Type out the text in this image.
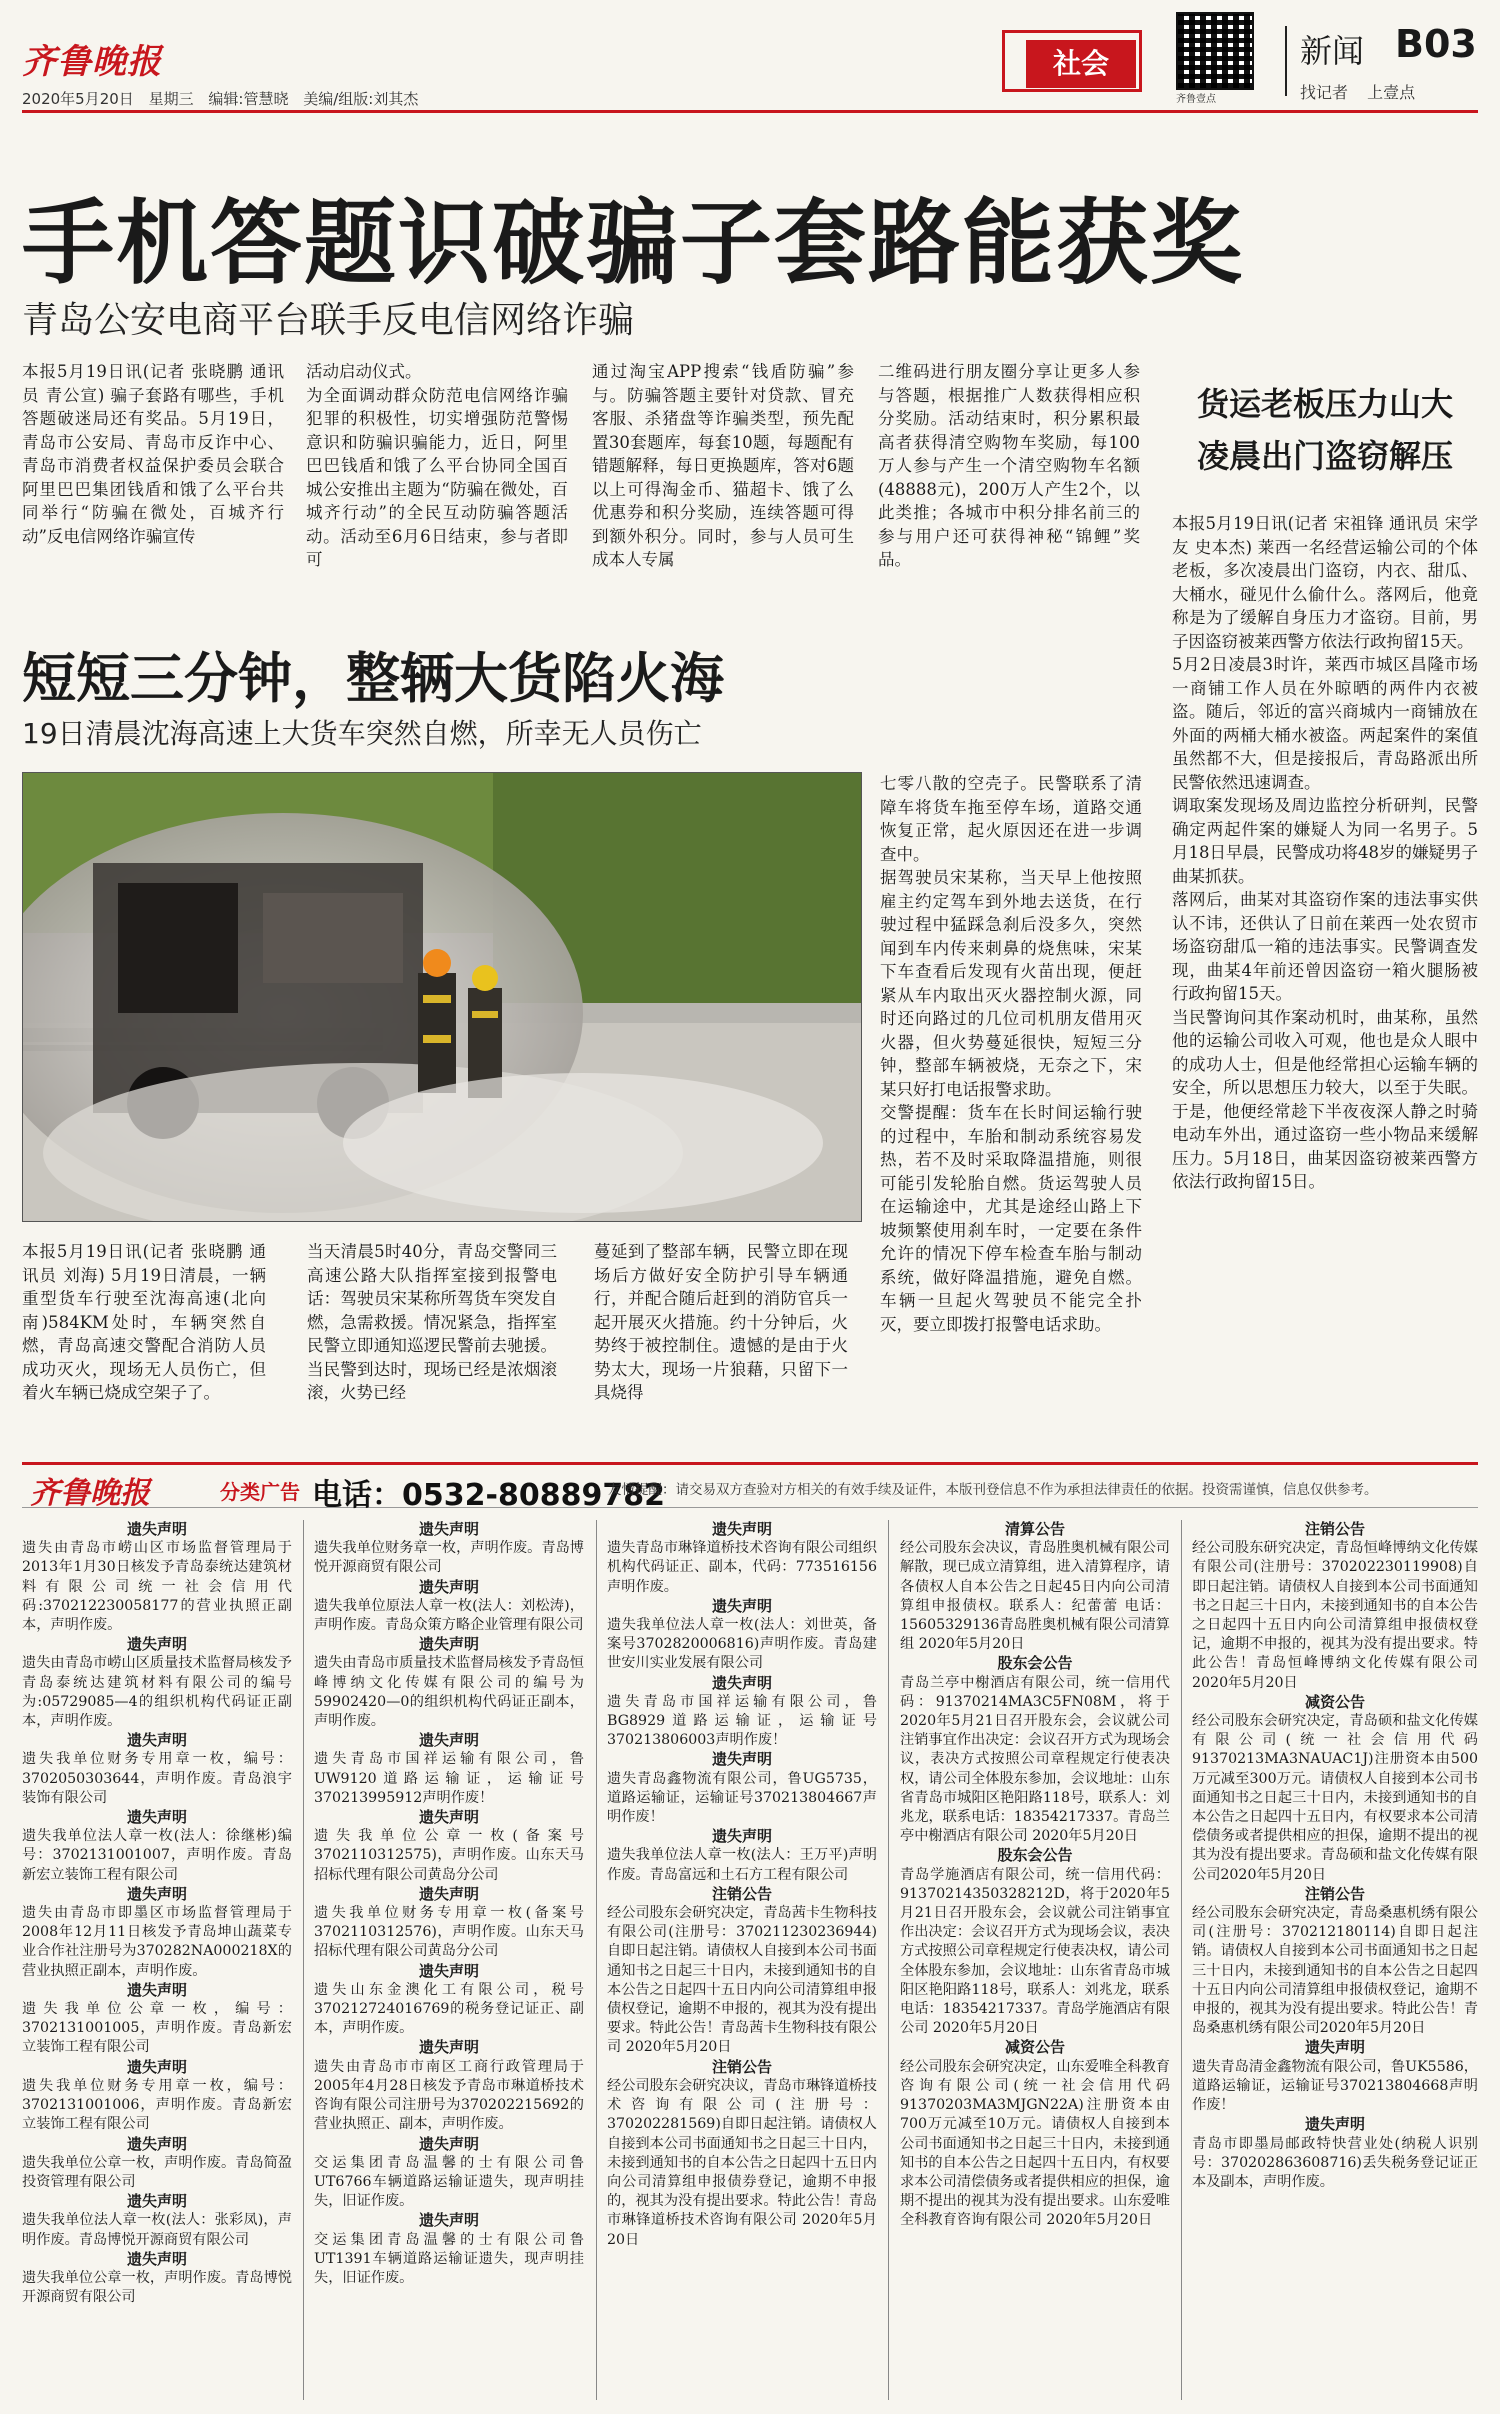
齐鲁晚报
2020年5月20日 星期三 编辑:管慧晓 美编/组版:刘其杰
社会
齐鲁壹点
新闻 B03
找记者 上壹点
手机答题识破骗子套路能获奖
青岛公安电商平台联手反电信网络诈骗
本报5月19日讯(记者 张晓鹏 通讯员 青公宣) 骗子套路有哪些，手机答题破迷局还有奖品。5月19日，青岛市公安局、青岛市反诈中心、青岛市消费者权益保护委员会联合阿里巴巴集团钱盾和饿了么平台共同举行“防骗在微处，百城齐行动”反电信网络诈骗宣传
活动启动仪式。
为全面调动群众防范电信网络诈骗犯罪的积极性，切实增强防范警惕意识和防骗识骗能力，近日，阿里巴巴钱盾和饿了么平台协同全国百城公安推出主题为“防骗在微处，百城齐行动”的全民互动防骗答题活动。活动至6月6日结束，参与者即可
通过淘宝APP搜索“钱盾防骗”参与。防骗答题主要针对贷款、冒充客服、杀猪盘等诈骗类型，预先配置30套题库，每套10题，每题配有错题解释，每日更换题库，答对6题以上可得淘金币、猫超卡、饿了么优惠券和积分奖励，连续答题可得到额外积分。同时，参与人员可生成本人专属
二维码进行朋友圈分享让更多人参与答题，根据推广人数获得相应积分奖励。活动结束时，积分累积最高者获得清空购物车奖励，每100万人参与产生一个清空购物车名额(48888元)，200万人产生2个，以此类推；各城市中积分排名前三的参与用户还可获得神秘“锦鲤”奖品。
短短三分钟，整辆大货陷火海
19日清晨沈海高速上大货车突然自燃，所幸无人员伤亡
本报5月19日讯(记者 张晓鹏 通讯员 刘海) 5月19日清晨，一辆重型货车行驶至沈海高速(北向南)584KM处时，车辆突然自燃，青岛高速交警配合消防人员成功灭火，现场无人员伤亡，但着火车辆已烧成空架子了。
当天清晨5时40分，青岛交警同三高速公路大队指挥室接到报警电话：驾驶员宋某称所驾货车突发自燃，急需救援。情况紧急，指挥室民警立即通知巡逻民警前去驰援。当民警到达时，现场已经是浓烟滚滚，火势已经
蔓延到了整部车辆，民警立即在现场后方做好安全防护引导车辆通行，并配合随后赶到的消防官兵一起开展灭火措施。约十分钟后，火势终于被控制住。遗憾的是由于火势太大，现场一片狼藉，只留下一具烧得
七零八散的空壳子。民警联系了清障车将货车拖至停车场，道路交通恢复正常，起火原因还在进一步调查中。
据驾驶员宋某称，当天早上他按照雇主约定驾车到外地去送货，在行驶过程中猛踩急刹后没多久，突然闻到车内传来刺鼻的烧焦味，宋某下车查看后发现有火苗出现，便赶紧从车内取出灭火器控制火源，同时还向路过的几位司机朋友借用灭火器，但火势蔓延很快，短短三分钟，整部车辆被烧，无奈之下，宋某只好打电话报警求助。
交警提醒：货车在长时间运输行驶的过程中，车胎和制动系统容易发热，若不及时采取降温措施，则很可能引发轮胎自燃。货运驾驶人员在运输途中，尤其是途经山路上下坡频繁使用刹车时，一定要在条件允许的情况下停车检查车胎与制动系统，做好降温措施，避免自燃。车辆一旦起火驾驶员不能完全扑灭，要立即拨打报警电话求助。
货运老板压力山大
凌晨出门盗窃解压
本报5月19日讯(记者 宋祖锋 通讯员 宋学友 史本杰) 莱西一名经营运输公司的个体老板，多次凌晨出门盗窃，内衣、甜瓜、大桶水，碰见什么偷什么。落网后，他竟称是为了缓解自身压力才盗窃。目前，男子因盗窃被莱西警方依法行政拘留15天。
5月2日凌晨3时许，莱西市城区昌隆市场一商铺工作人员在外晾晒的两件内衣被盗。随后，邻近的富兴商城内一商铺放在外面的两桶大桶水被盗。两起案件的案值虽然都不大，但是接报后，青岛路派出所民警依然迅速调查。
调取案发现场及周边监控分析研判，民警确定两起件案的嫌疑人为同一名男子。5月18日早晨，民警成功将48岁的嫌疑男子曲某抓获。
落网后，曲某对其盗窃作案的违法事实供认不讳，还供认了日前在莱西一处农贸市场盗窃甜瓜一箱的违法事实。民警调查发现，曲某4年前还曾因盗窃一箱火腿肠被行政拘留15天。
当民警询问其作案动机时，曲某称，虽然他的运输公司收入可观，他也是众人眼中的成功人士，但是他经常担心运输车辆的安全，所以思想压力较大，以至于失眠。于是，他便经常趁下半夜夜深人静之时骑电动车外出，通过盗窃一些小物品来缓解压力。5月18日，曲某因盗窃被莱西警方依法行政拘留15日。
齐鲁晚报	分类广告 电话：0532-80889782
友情提醒：请交易双方查验对方相关的有效手续及证件，本版刊登信息不作为承担法律责任的依据。投资需谨慎，信息仅供参考。
遗失声明
遗失由青岛市崂山区市场监督管理局于2013年1月30日核发予青岛泰统达建筑材料有限公司统一社会信用代码:370212230058177的营业执照正副本，声明作废。
遗失声明
遗失由青岛市崂山区质量技术监督局核发予青岛泰统达建筑材料有限公司的编号为:05729085—4的组织机构代码证正副本，声明作废。
遗失声明
遗失我单位财务专用章一枚，编号：3702050303644，声明作废。青岛浪宇装饰有限公司
遗失声明
遗失我单位法人章一枚(法人：徐继彬)编号：3702131001007，声明作废。青岛新宏立装饰工程有限公司
遗失声明
遗失由青岛市即墨区市场监督管理局于2008年12月11日核发予青岛坤山蔬菜专业合作社注册号为370282NA000218X的营业执照正副本，声明作废。
遗失声明
遗失我单位公章一枚，编号：3702131001005，声明作废。青岛新宏立装饰工程有限公司
遗失声明
遗失我单位财务专用章一枚，编号：3702131001006，声明作废。青岛新宏立装饰工程有限公司
遗失声明
遗失我单位公章一枚，声明作废。青岛简盈投资管理有限公司
遗失声明
遗失我单位法人章一枚(法人：张彩凤)，声明作废。青岛博悦开源商贸有限公司
遗失声明
遗失我单位公章一枚，声明作废。青岛博悦开源商贸有限公司
遗失声明
遗失我单位财务章一枚，声明作废。青岛博悦开源商贸有限公司
遗失声明
遗失我单位原法人章一枚(法人：刘松涛)，声明作废。青岛众策方略企业管理有限公司
遗失声明
遗失由青岛市质量技术监督局核发予青岛恒峰博纳文化传媒有限公司的编号为59902420—0的组织机构代码证正副本，声明作废。
遗失声明
遗失青岛市国祥运输有限公司，鲁UW9120道路运输证，运输证号370213995912声明作废！
遗失声明
遗失我单位公章一枚(备案号3702110312575)，声明作废。山东天马招标代理有限公司黄岛分公司
遗失声明
遗失我单位财务专用章一枚(备案号3702110312576)，声明作废。山东天马招标代理有限公司黄岛分公司
遗失声明
遗失山东金澳化工有限公司，税号370212724016769的税务登记证正、副本，声明作废。
遗失声明
遗失由青岛市市南区工商行政管理局于2005年4月28日核发予青岛市琳道桥技术咨询有限公司注册号为370202215692的营业执照正、副本，声明作废。
遗失声明
交运集团青岛温馨的士有限公司鲁UT6766车辆道路运输证遗失，现声明挂失，旧证作废。
遗失声明
交运集团青岛温馨的士有限公司鲁UT1391车辆道路运输证遗失，现声明挂失，旧证作废。
遗失声明
遗失青岛市琳锋道桥技术咨询有限公司组织机构代码证正、副本，代码：773516156声明作废。
遗失声明
遗失我单位法人章一枚(法人：刘世英，备案号3702820006816)声明作废。青岛建世安川实业发展有限公司
遗失声明
遗失青岛市国祥运输有限公司，鲁BG8929道路运输证，运输证号370213806003声明作废！
遗失声明
遗失青岛鑫物流有限公司，鲁UG5735，道路运输证，运输证号370213804667声明作废！
遗失声明
遗失我单位法人章一枚(法人：王万平)声明作废。青岛富远和土石方工程有限公司
注销公告
经公司股东会研究决定，青岛茜卡生物科技有限公司(注册号：370211230236944)自即日起注销。请债权人自接到本公司书面通知书之日起三十日内，未接到通知书的自本公告之日起四十五日内向公司清算组申报债权登记，逾期不申报的，视其为没有提出要求。特此公告！青岛茜卡生物科技有限公司 2020年5月20日
注销公告
经公司股东会研究决议，青岛市琳锋道桥技术咨询有限公司(注册号：370202281569)自即日起注销。请债权人自接到本公司书面通知书之日起三十日内，未接到通知书的自本公告之日起四十五日内向公司清算组申报债券登记，逾期不申报的，视其为没有提出要求。特此公告！青岛市琳锋道桥技术咨询有限公司 2020年5月20日
清算公告
经公司股东会决议，青岛胜奥机械有限公司解散，现已成立清算组，进入清算程序，请各债权人自本公告之日起45日内向公司清算组申报债权。联系人：纪蕾蕾 电话：15605329136青岛胜奥机械有限公司清算组 2020年5月20日
股东会公告
青岛兰亭中榭酒店有限公司，统一信用代码：91370214MA3C5FN08M，将于2020年5月21日召开股东会，会议就公司注销事宜作出决定：会议召开方式为现场会议，表决方式按照公司章程规定行使表决权，请公司全体股东参加，会议地址：山东省青岛市城阳区艳阳路118号，联系人：刘兆龙，联系电话：18354217337。青岛兰亭中榭酒店有限公司 2020年5月20日
股东会公告
青岛学施酒店有限公司，统一信用代码：91370214350328212D，将于2020年5月21日召开股东会，会议就公司注销事宜作出决定：会议召开方式为现场会议，表决方式按照公司章程规定行使表决权，请公司全体股东参加，会议地址：山东省青岛市城阳区艳阳路118号，联系人：刘兆龙，联系电话：18354217337。青岛学施酒店有限公司 2020年5月20日
减资公告
经公司股东会研究决定，山东爱唯全科教育咨询有限公司(统一社会信用代码91370203MA3MJGN22A)注册资本由700万元减至10万元。请债权人自接到本公司书面通知书之日起三十日内，未接到通知书的自本公告之日起四十五日内，有权要求本公司清偿债务或者提供相应的担保，逾期不提出的视其为没有提出要求。山东爱唯全科教育咨询有限公司 2020年5月20日
注销公告
经公司股东研究决定，青岛恒峰博纳文化传媒有限公司(注册号：370202230119908)自即日起注销。请债权人自接到本公司书面通知书之日起三十日内，未接到通知书的自本公告之日起四十五日内向公司清算组申报债权登记，逾期不申报的，视其为没有提出要求。特此公告！青岛恒峰博纳文化传媒有限公司 2020年5月20日
减资公告
经公司股东会研究决定，青岛硕和盐文化传媒有限公司(统一社会信用代码91370213MA3NAUAC1J)注册资本由500万元减至300万元。请债权人自接到本公司书面通知书之日起三十日内，未接到通知书的自本公告之日起四十五日内，有权要求本公司清偿债务或者提供相应的担保，逾期不提出的视其为没有提出要求。青岛硕和盐文化传媒有限公司2020年5月20日
注销公告
经公司股东会研究决定，青岛桑惠机绣有限公司(注册号：370212180114)自即日起注销。请债权人自接到本公司书面通知书之日起三十日内，未接到通知书的自本公告之日起四十五日内向公司清算组申报债权登记，逾期不申报的，视其为没有提出要求。特此公告！青岛桑惠机绣有限公司2020年5月20日
遗失声明
遗失青岛清金鑫物流有限公司，鲁UK5586，道路运输证，运输证号370213804668声明作废！
遗失声明
青岛市即墨局邮政特快营业处(纳税人识别号：370202863608716)丢失税务登记证正本及副本，声明作废。
